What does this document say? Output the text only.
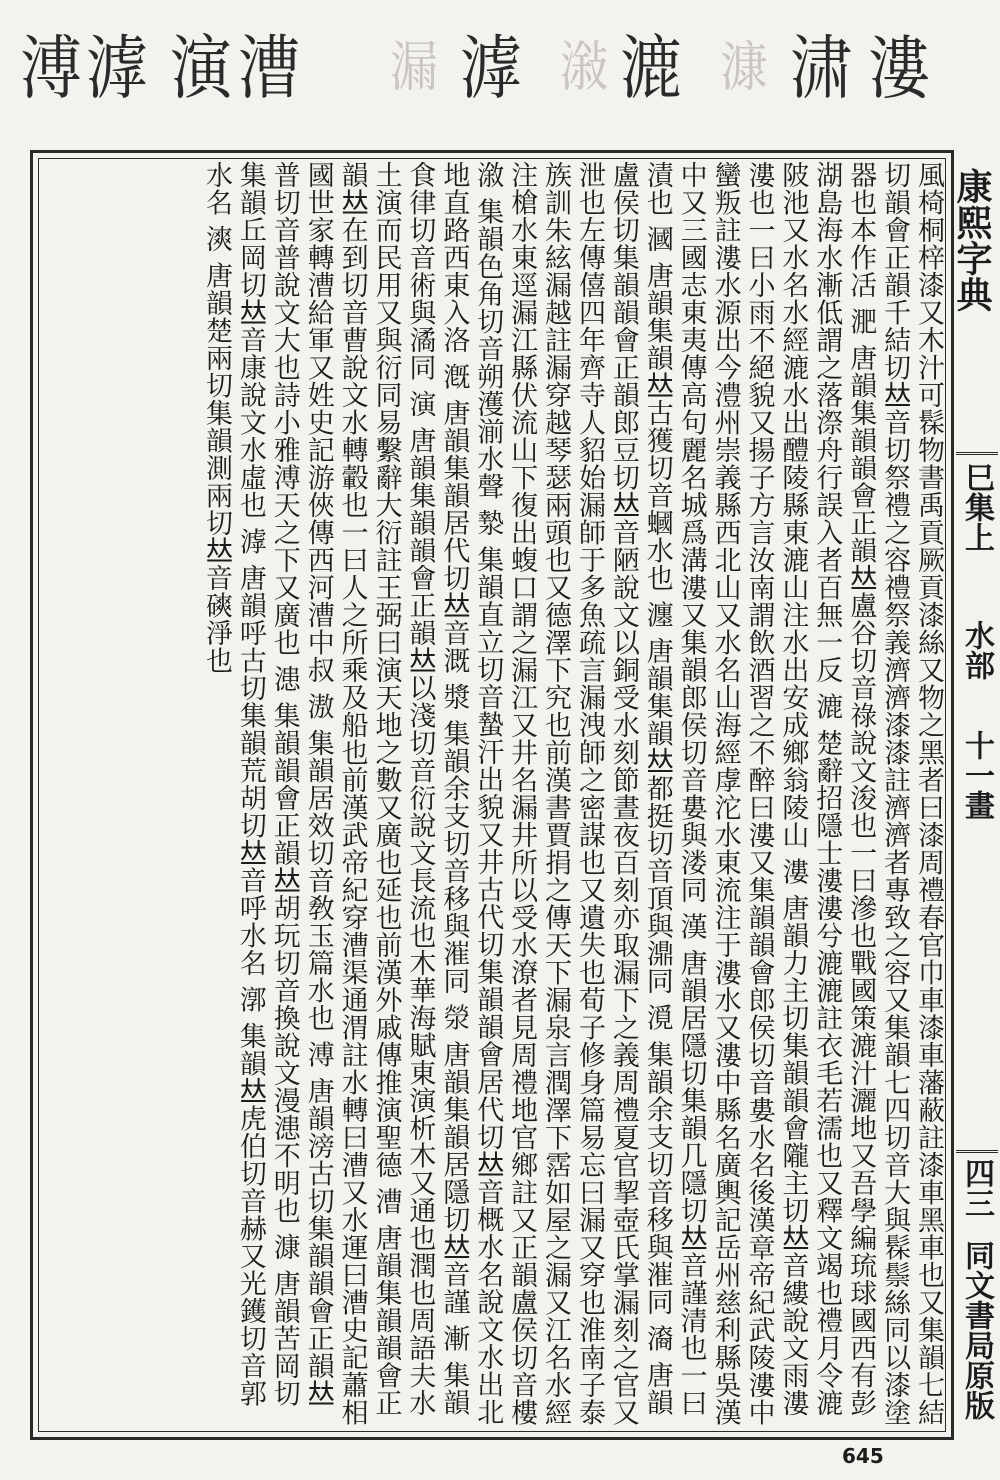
溥 滹 演 漕 漏 滹 潊 漉 漮 㴋 漊
風椅桐梓漆又木汁可髹物書禹貢厥貢漆絲又物之黑者曰漆周禮春官巾車漆車藩蔽註漆車黑車也又集韻七結切韻會正韻千結切𠀤音切祭禮之容禮祭義濟濟漆漆註濟濟者專致之容又集韻七四切音大與髹鬃絲同以漆塗器也本作㓉 淝 唐韻集韻韻會正韻𠀤盧谷切音祿說文浚也一曰滲也戰國策漉汁灑地又吾學編琉球國西有彭湖島海水漸低謂之落漈舟行誤入者百無一反 漉 楚辭招隱士漊漊兮漉漉註衣毛若濡也又釋文竭也禮月令漉陂池又水名水經漉水出醴陵縣東漉山注水出安成鄉翁陵山 漊 唐韻力主切集韻韻會隴主切𠀤音縷說文雨漊漊也一曰小雨不絕貌又揚子方言汝南謂飲酒習之不醉曰漊又集韻韻會郎侯切音婁水名後漢章帝紀武陵漊中蠻叛註漊水源出今澧州崇義縣西北山又水名山海經虖沱水東流注于漊水又漊中縣名廣輿記岳州慈利縣吳漢中又三國志東夷傳高句麗名城爲溝漊又集韻郎侯切音婁與溇同 漢 唐韻居隱切集韻几隱切𠀤音謹清也一曰漬也 漍 唐韻集韻𠀤古獲切音蟈水也 瀍 唐韻集韻𠀤都挺切音頂與濎同 漞 集韻余支切音移與漼同 㵝 唐韻盧侯切集韻韻會正韻郎豆切𠀤音陋說文以銅受水刻節晝夜百刻亦取漏下之義周禮夏官挈壺氏掌漏刻之官又泄也左傳僖四年齊寺人貂始漏師于多魚疏言漏洩師之密謀也又遺失也荀子修身篇易忘曰漏又穿也淮南子泰族訓朱絃漏越註漏穿越琴瑟兩頭也又德澤下究也前漢書賈捐之傳天下漏泉言潤澤下霑如屋之漏又江名水經注槍水東逕漏江縣伏流山下復出蝮口謂之漏江又井名漏井所以受水潦者見周禮地官鄉註又正韻盧侯切音樓 漵 集韻色角切音朔濩湔水聲 漐 集韻直立切音蟄汗出貌又井古代切集韻韻會居代切𠀤音概水名說文水出北地直路西東入洛 漑 唐韻集韻居代切𠀤音溉 漿 集韻余支切音移與漼同 滎 唐韻集韻居隱切𠀤音謹 漸 集韻食律切音術與潏同 演 唐韻集韻韻會正韻𠀤以淺切音衍說文長流也木華海賦東演析木又通也潤也周語夫水土演而民用又與衍同易繫辭大衍註王弼曰演天地之數又廣也延也前漢外戚傳推演聖德 漕 唐韻集韻韻會正韻𠀤在到切音曹說文水轉轂也一曰人之所乘及船也前漢武帝紀穿漕渠通渭註水轉曰漕又水運曰漕史記蕭相國世家轉漕給軍又姓史記游俠傳西河漕中叔 滶 集韻居效切音敎玉篇水也 溥 唐韻滂古切集韻韻會正韻𠀤普切音普說文大也詩小雅溥天之下又廣也 漶 集韻韻會正韻𠀤胡玩切音換說文漫漶不明也 漮 唐韻苦岡切集韻丘岡切𠀤音康說文水虛也 滹 唐韻呼古切集韻荒胡切𠀤音呼水名 漷 集韻𠀤虎伯切音赫又光鑊切音郭水名 漺 唐韻楚兩切集韻測兩切𠀤音磢淨也	康熙字典
巳集上
水部
十一畫
四三
同文書局原版
645
